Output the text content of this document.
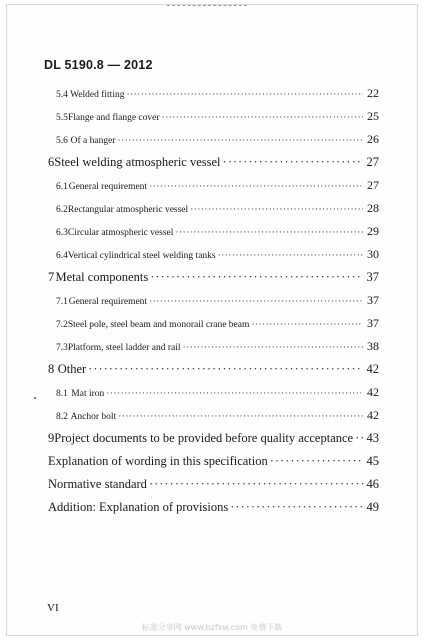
DL 5190.8 — 2012
5.4 Welded fitting ·····	22
5.5 Flange and flange cover ·····	25
5.6 Of a hanger ·····	26
6 Steel welding atmospheric vessel ·····	27
6.1 General requirement ·····	27
6.2 Rectangular atmospheric vessel ·····	28
6.3 Circular atmospheric vessel ·····	29
6.4 Vertical cylindrical steel welding tanks ·····	30
7 Metal components ·····	37
7.1 General requirement ·····	37
7.2 Steel pole, steel beam and monorail crane beam ·····	37
7.3 Platform, steel ladder and rail ·····	38
8 Other ·····	42
8.1 Mat iron ·····	42
8.2 Anchor bolt ·····	42
9 Project documents to be provided before quality acceptance ····· 43
Explanation of wording in this specification ·····	45
Normative standard ·····	46
Addition: Explanation of provisions ·····	49
VI
标准分享网 www.bzfxw.com 免费下载
